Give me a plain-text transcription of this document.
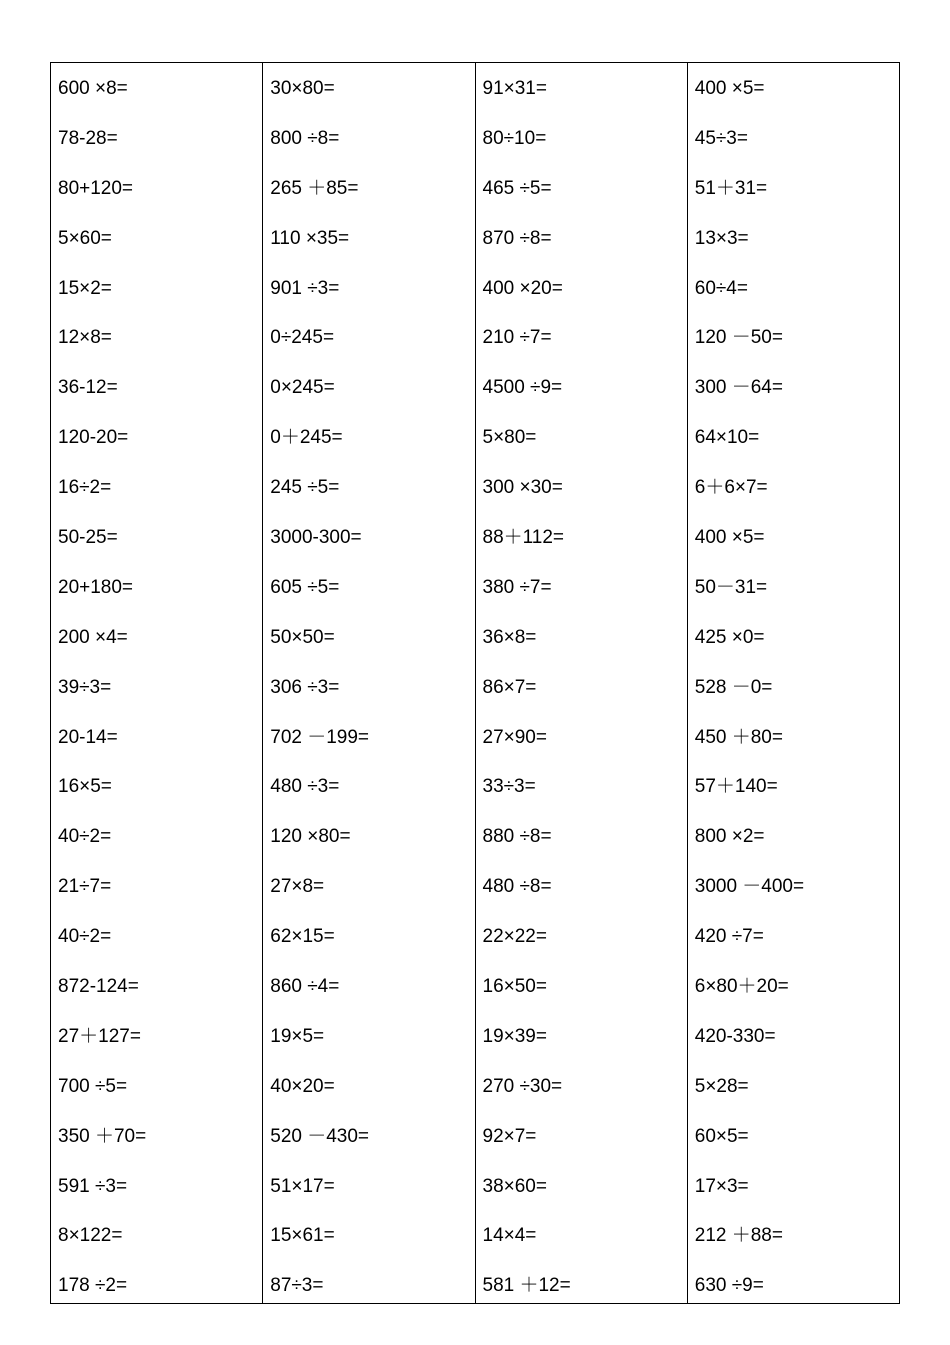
600 ×8=
78-28=
80+120=
5×60=
15×2=
12×8=
36-12=
120-20=
16÷2=
50-25=
20+180=
200 ×4=
39÷3=
20-14=
16×5=
40÷2=
21÷7=
40÷2=
872-124=
27＋127=
700 ÷5=
350 ＋70=
591 ÷3=
8×122=
178 ÷2=
30×80=
800 ÷8=
265 ＋85=
110 ×35=
901 ÷3=
0÷245=
0×245=
0＋245=
245 ÷5=
3000-300=
605 ÷5=
50×50=
306 ÷3=
702 －199=
480 ÷3=
120 ×80=
27×8=
62×15=
860 ÷4=
19×5=
40×20=
520 －430=
51×17=
15×61=
87÷3=
91×31=
80÷10=
465 ÷5=
870 ÷8=
400 ×20=
210 ÷7=
4500 ÷9=
5×80=
300 ×30=
88＋112=
380 ÷7=
36×8=
86×7=
27×90=
33÷3=
880 ÷8=
480 ÷8=
22×22=
16×50=
19×39=
270 ÷30=
92×7=
38×60=
14×4=
581 ＋12=
400 ×5=
45÷3=
51＋31=
13×3=
60÷4=
120 －50=
300 －64=
64×10=
6＋6×7=
400 ×5=
50－31=
425 ×0=
528 －0=
450 ＋80=
57＋140=
800 ×2=
3000 －400=
420 ÷7=
6×80＋20=
420-330=
5×28=
60×5=
17×3=
212 ＋88=
630 ÷9=
